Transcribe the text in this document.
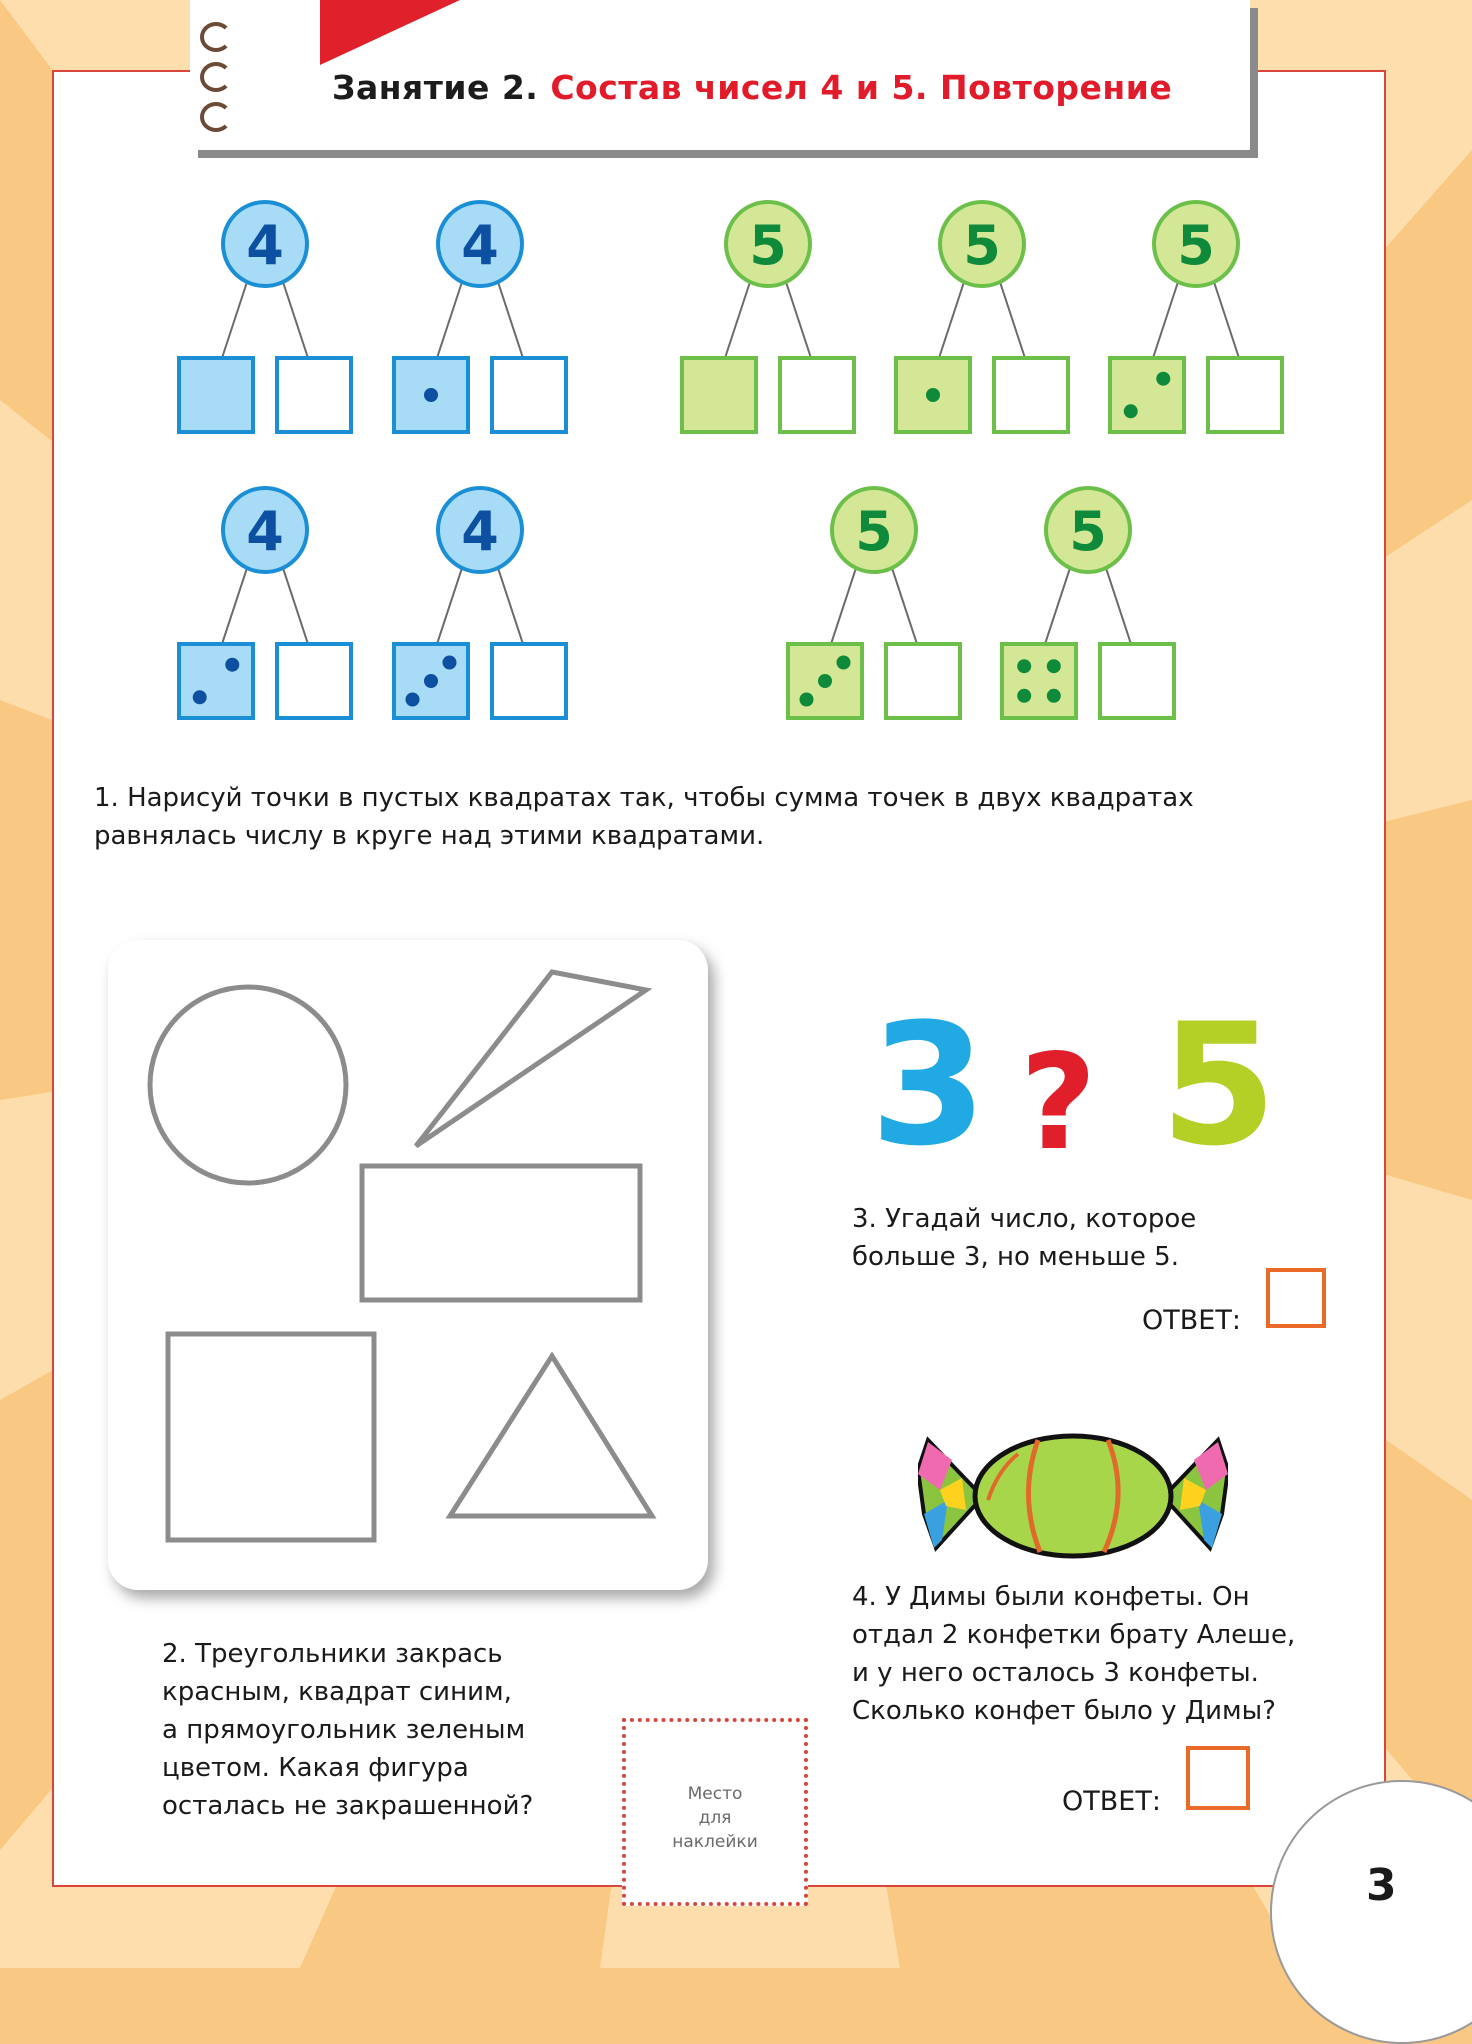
Занятие 2. Состав чисел 4 и 5. Повторение
4	4	5	5	5
4	4	5	5
1. Нарисуй точки в пустых квадратах так, чтобы сумма точек в двух квадратах
равнялась числу в круге над этими квадратами.
2. Треугольники закрась
красным, квадрат синим,
а прямоугольник зеленым
цветом. Какая фигура
осталась не закрашенной?
3 ? 5
3. Угадай число, которое
больше 3, но меньше 5.
ОТВЕТ:
4. У Димы были конфеты. Он
отдал 2 конфетки брату Алеше,
и у него осталось 3 конфеты.
Сколько конфет было у Димы?
ОТВЕТ:
Место
для
наклейки
3
